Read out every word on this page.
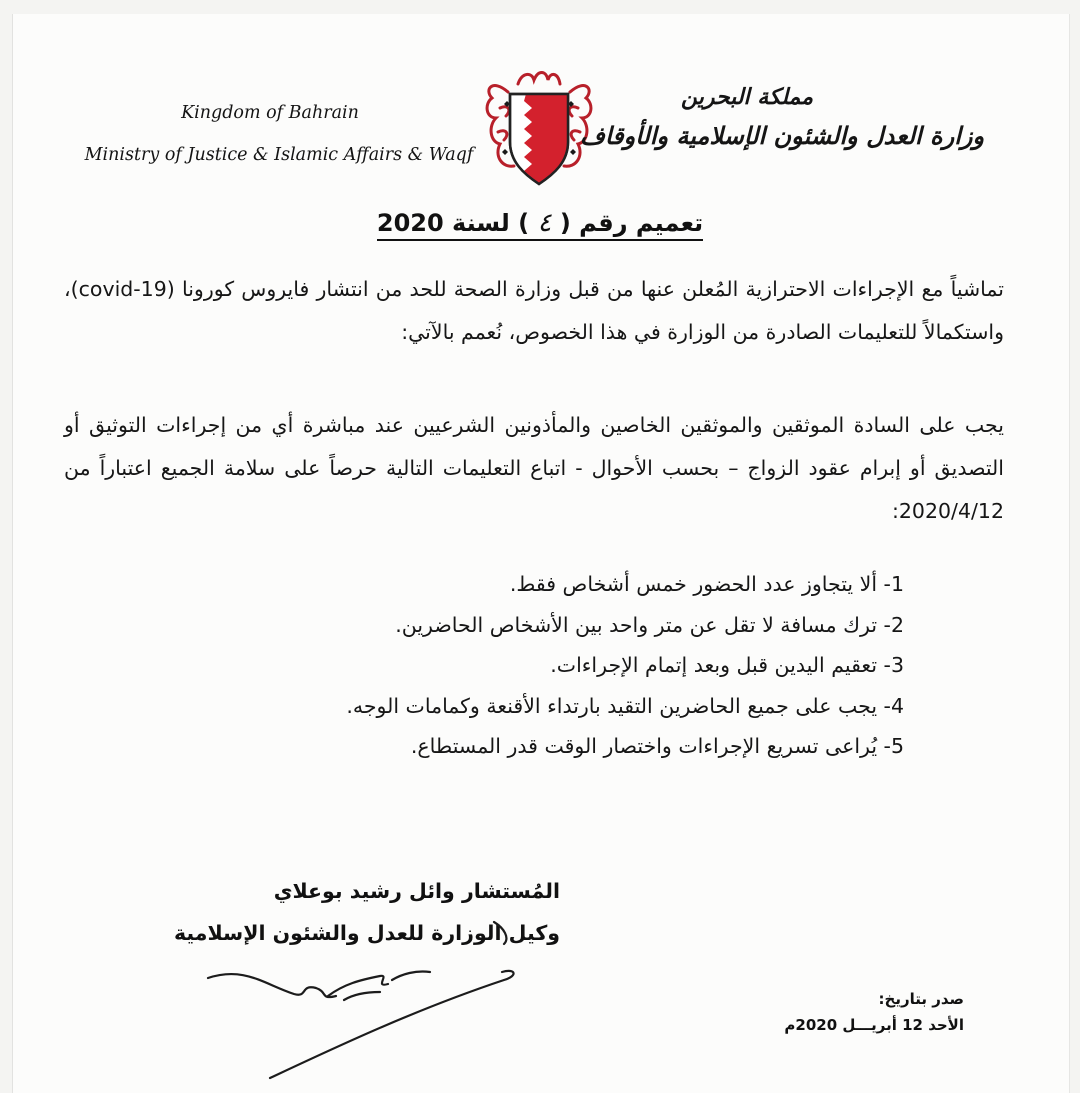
Kingdom of Bahrain
Ministry of Justice & Islamic Affairs & Waqf
مملكة البحرين
وزارة العدل والشئون الإسلامية والأوقاف
تعميم رقم ( ٤ ) لسنة 2020
تماشياً مع الإجراءات الاحترازية المُعلن عنها من قبل وزارة الصحة للحد من انتشار فايروس كورونا (covid-19)، واستكمالاً للتعليمات الصادرة من الوزارة في هذا الخصوص، نُعمم بالآتي:
يجب على السادة الموثقين والموثقين الخاصين والمأذونين الشرعيين عند مباشرة أي من إجراءات التوثيق أو التصديق أو إبرام عقود الزواج – بحسب الأحوال - اتباع التعليمات التالية حرصاً على سلامة الجميع اعتباراً من 2020/4/12:
1- ألا يتجاوز عدد الحضور خمس أشخاص فقط.
2- ترك مسافة لا تقل عن متر واحد بين الأشخاص الحاضرين.
3- تعقيم اليدين قبل وبعد إتمام الإجراءات.
4- يجب على جميع الحاضرين التقيد بارتداء الأقنعة وكمامات الوجه.
5- يُراعى تسريع الإجراءات واختصار الوقت قدر المستطاع.
المُستشار وائل رشيد بوعلاي
وكيل الوزارة للعدل والشئون الإسلامية
صدر بتاريخ:
الأحد 12 أبريـــل 2020م
